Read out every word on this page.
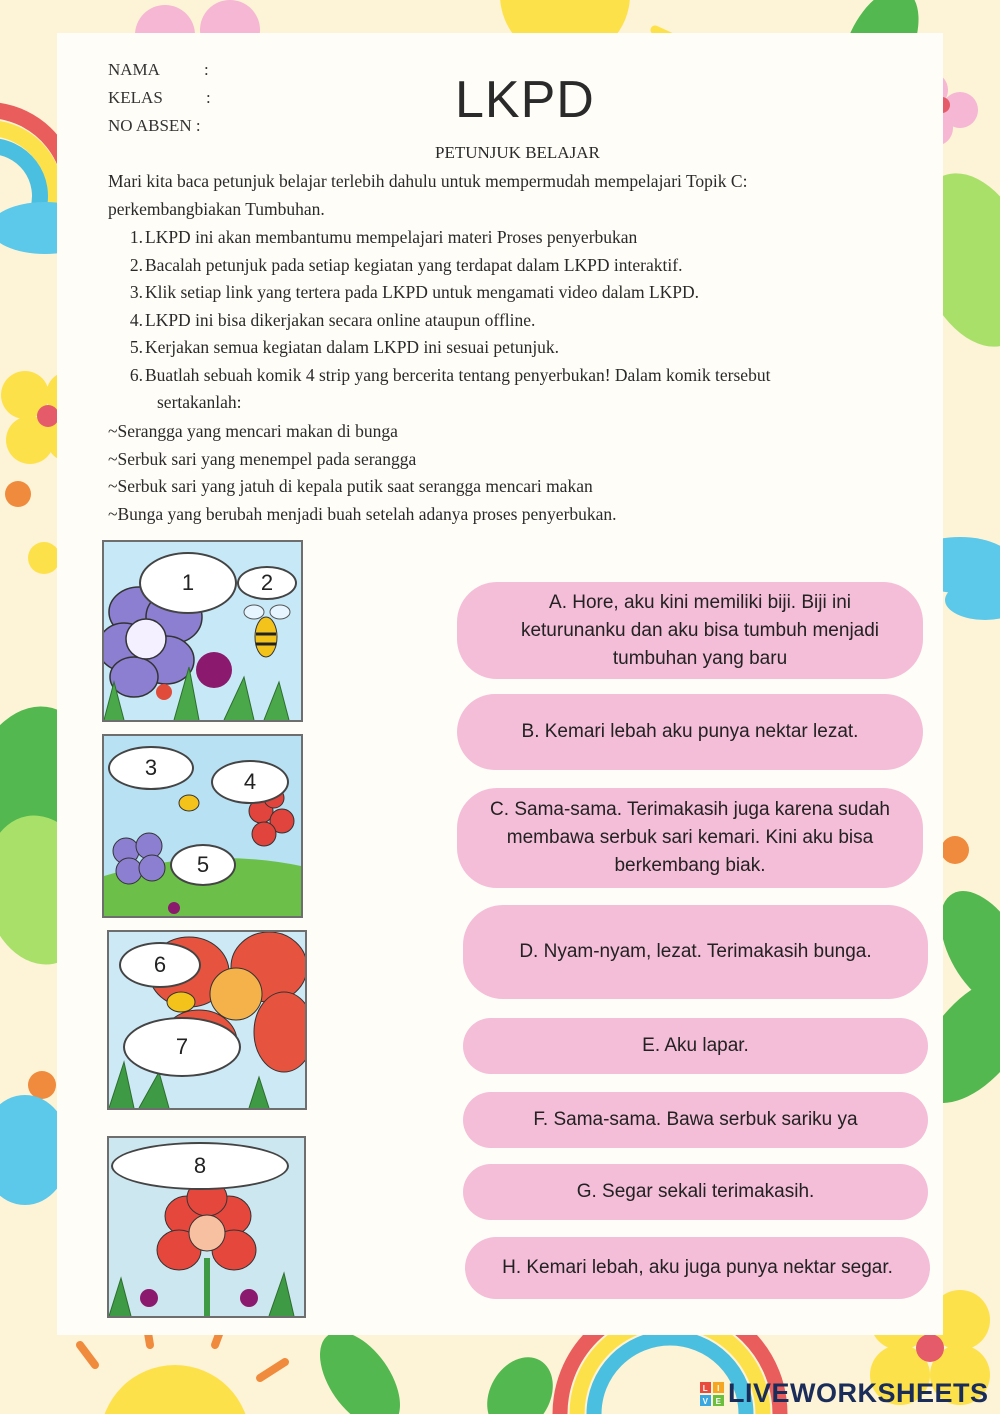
NAMA	:
KELAS	:
NO ABSEN :	LKPD
PETUNJUK BELAJAR
Mari kita baca petunjuk belajar terlebih dahulu untuk mempermudah mempelajari Topik C:
perkembangbiakan Tumbuhan.
1. LKPD ini akan membantumu mempelajari materi Proses penyerbukan
2. Bacalah petunjuk pada setiap kegiatan yang terdapat dalam LKPD interaktif.
3. Klik setiap link yang tertera pada LKPD untuk mengamati video dalam LKPD.
4. LKPD ini bisa dikerjakan secara online ataupun offline.
5. Kerjakan semua kegiatan dalam LKPD ini sesuai petunjuk.
6. Buatlah sebuah komik 4 strip yang bercerita tentang penyerbukan! Dalam komik tersebut
sertakanlah:
~Serangga yang mencari makan di bunga
~Serbuk sari yang menempel pada serangga
~Serbuk sari yang jatuh di kepala putik saat serangga mencari makan
~Bunga yang berubah menjadi buah setelah adanya proses penyerbukan.
1	2
3
4
5
6
7
8
A. Hore, aku kini memiliki biji. Biji ini keturunanku dan aku bisa tumbuh menjadi tumbuhan yang baru
B. Kemari lebah aku punya nektar lezat.
C. Sama-sama. Terimakasih juga karena sudah membawa serbuk sari kemari. Kini aku bisa berkembang biak.
D. Nyam-nyam, lezat. Terimakasih bunga.
E. Aku lapar.
F. Sama-sama. Bawa serbuk sariku ya
G. Segar sekali terimakasih.
H. Kemari lebah, aku juga punya nektar segar.
L I
V E LIVEWORKSHEETS
